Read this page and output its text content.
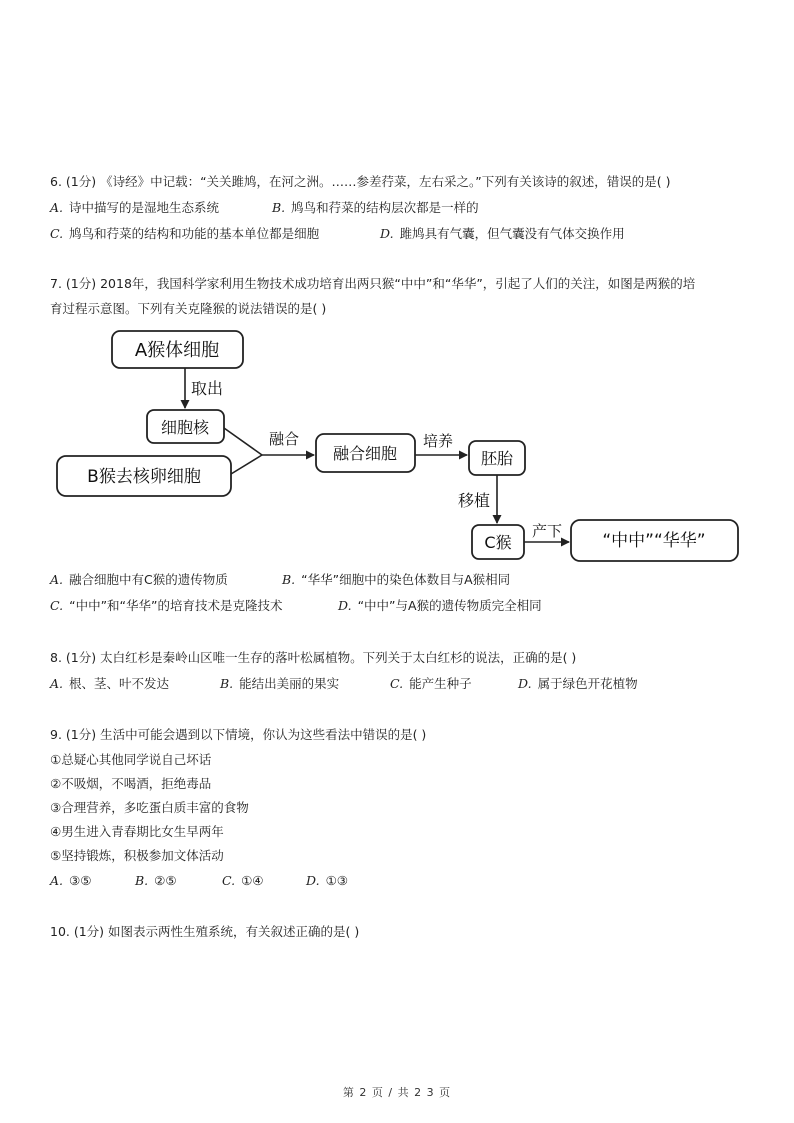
6. (1分) 《诗经》中记载：“关关雎鸠，在河之洲。……参差荇菜，左右采之。”下列有关该诗的叙述，错误的是( )
A. 诗中描写的是湿地生态系统	B. 鸠鸟和荇菜的结构层次都是一样的
C. 鸠鸟和荇菜的结构和功能的基本单位都是细胞	D. 雎鸠具有气囊，但气囊没有气体交换作用
7. (1分) 2018年，我国科学家利用生物技术成功培育出两只猴“中中”和“华华”，引起了人们的关注，如图是两猴的培
育过程示意图。下列有关克隆猴的说法错误的是( )
A猴体细胞
取出
细胞核
B猴去核卵细胞
融合
融合细胞
培养
胚胎
移植
C猴
产下 “中中”“华华”
A. 融合细胞中有C猴的遗传物质	B. “华华”细胞中的染色体数目与A猴相同
C. “中中”和“华华”的培育技术是克隆技术	D. “中中”与A猴的遗传物质完全相同
8. (1分) 太白红杉是秦岭山区唯一生存的落叶松属植物。下列关于太白红杉的说法，正确的是( )
A. 根、茎、叶不发达	B. 能结出美丽的果实	C. 能产生种子	D. 属于绿色开花植物
9. (1分) 生活中可能会遇到以下情境，你认为这些看法中错误的是( )
①总疑心其他同学说自己坏话
②不吸烟，不喝酒，拒绝毒品
③合理营养，多吃蛋白质丰富的食物
④男生进入青春期比女生早两年
⑤坚持锻炼，积极参加文体活动
A. ③⑤	B. ②⑤	C. ①④	D. ①③
10. (1分) 如图表示两性生殖系统，有关叙述正确的是( )
第 2 页 / 共 2 3 页
